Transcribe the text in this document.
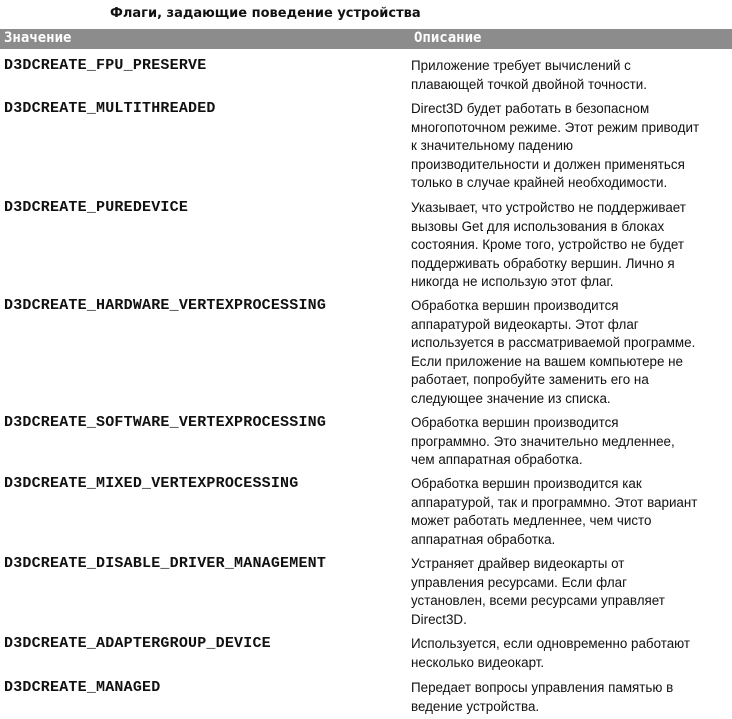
Флаги, задающие поведение устройства
Значение	Описание
D3DCREATE_FPU_PRESERVE	Приложение требует вычислений с
плавающей точкой двойной точности.
D3DCREATE_MULTITHREADED	Direct3D будет работать в безопасном
многопоточном режиме. Этот режим приводит
к значительному падению
производительности и должен применяться
только в случае крайней необходимости.
D3DCREATE_PUREDEVICE	Указывает, что устройство не поддерживает
вызовы Get для использования в блоках
состояния. Кроме того, устройство не будет
поддерживать обработку вершин. Лично я
никогда не использую этот флаг.
D3DCREATE_HARDWARE_VERTEXPROCESSING	Обработка вершин производится
аппаратурой видеокарты. Этот флаг
используется в рассматриваемой программе.
Если приложение на вашем компьютере не
работает, попробуйте заменить его на
следующее значение из списка.
D3DCREATE_SOFTWARE_VERTEXPROCESSING	Обработка вершин производится
программно. Это значительно медленнее,
чем аппаратная обработка.
D3DCREATE_MIXED_VERTEXPROCESSING	Обработка вершин производится как
аппаратурой, так и программно. Этот вариант
может работать медленнее, чем чисто
аппаратная обработка.
D3DCREATE_DISABLE_DRIVER_MANAGEMENT	Устраняет драйвер видеокарты от
управления ресурсами. Если флаг
установлен, всеми ресурсами управляет
Direct3D.
D3DCREATE_ADAPTERGROUP_DEVICE	Используется, если одновременно работают
несколько видеокарт.
D3DCREATE_MANAGED	Передает вопросы управления памятью в
ведение устройства.
